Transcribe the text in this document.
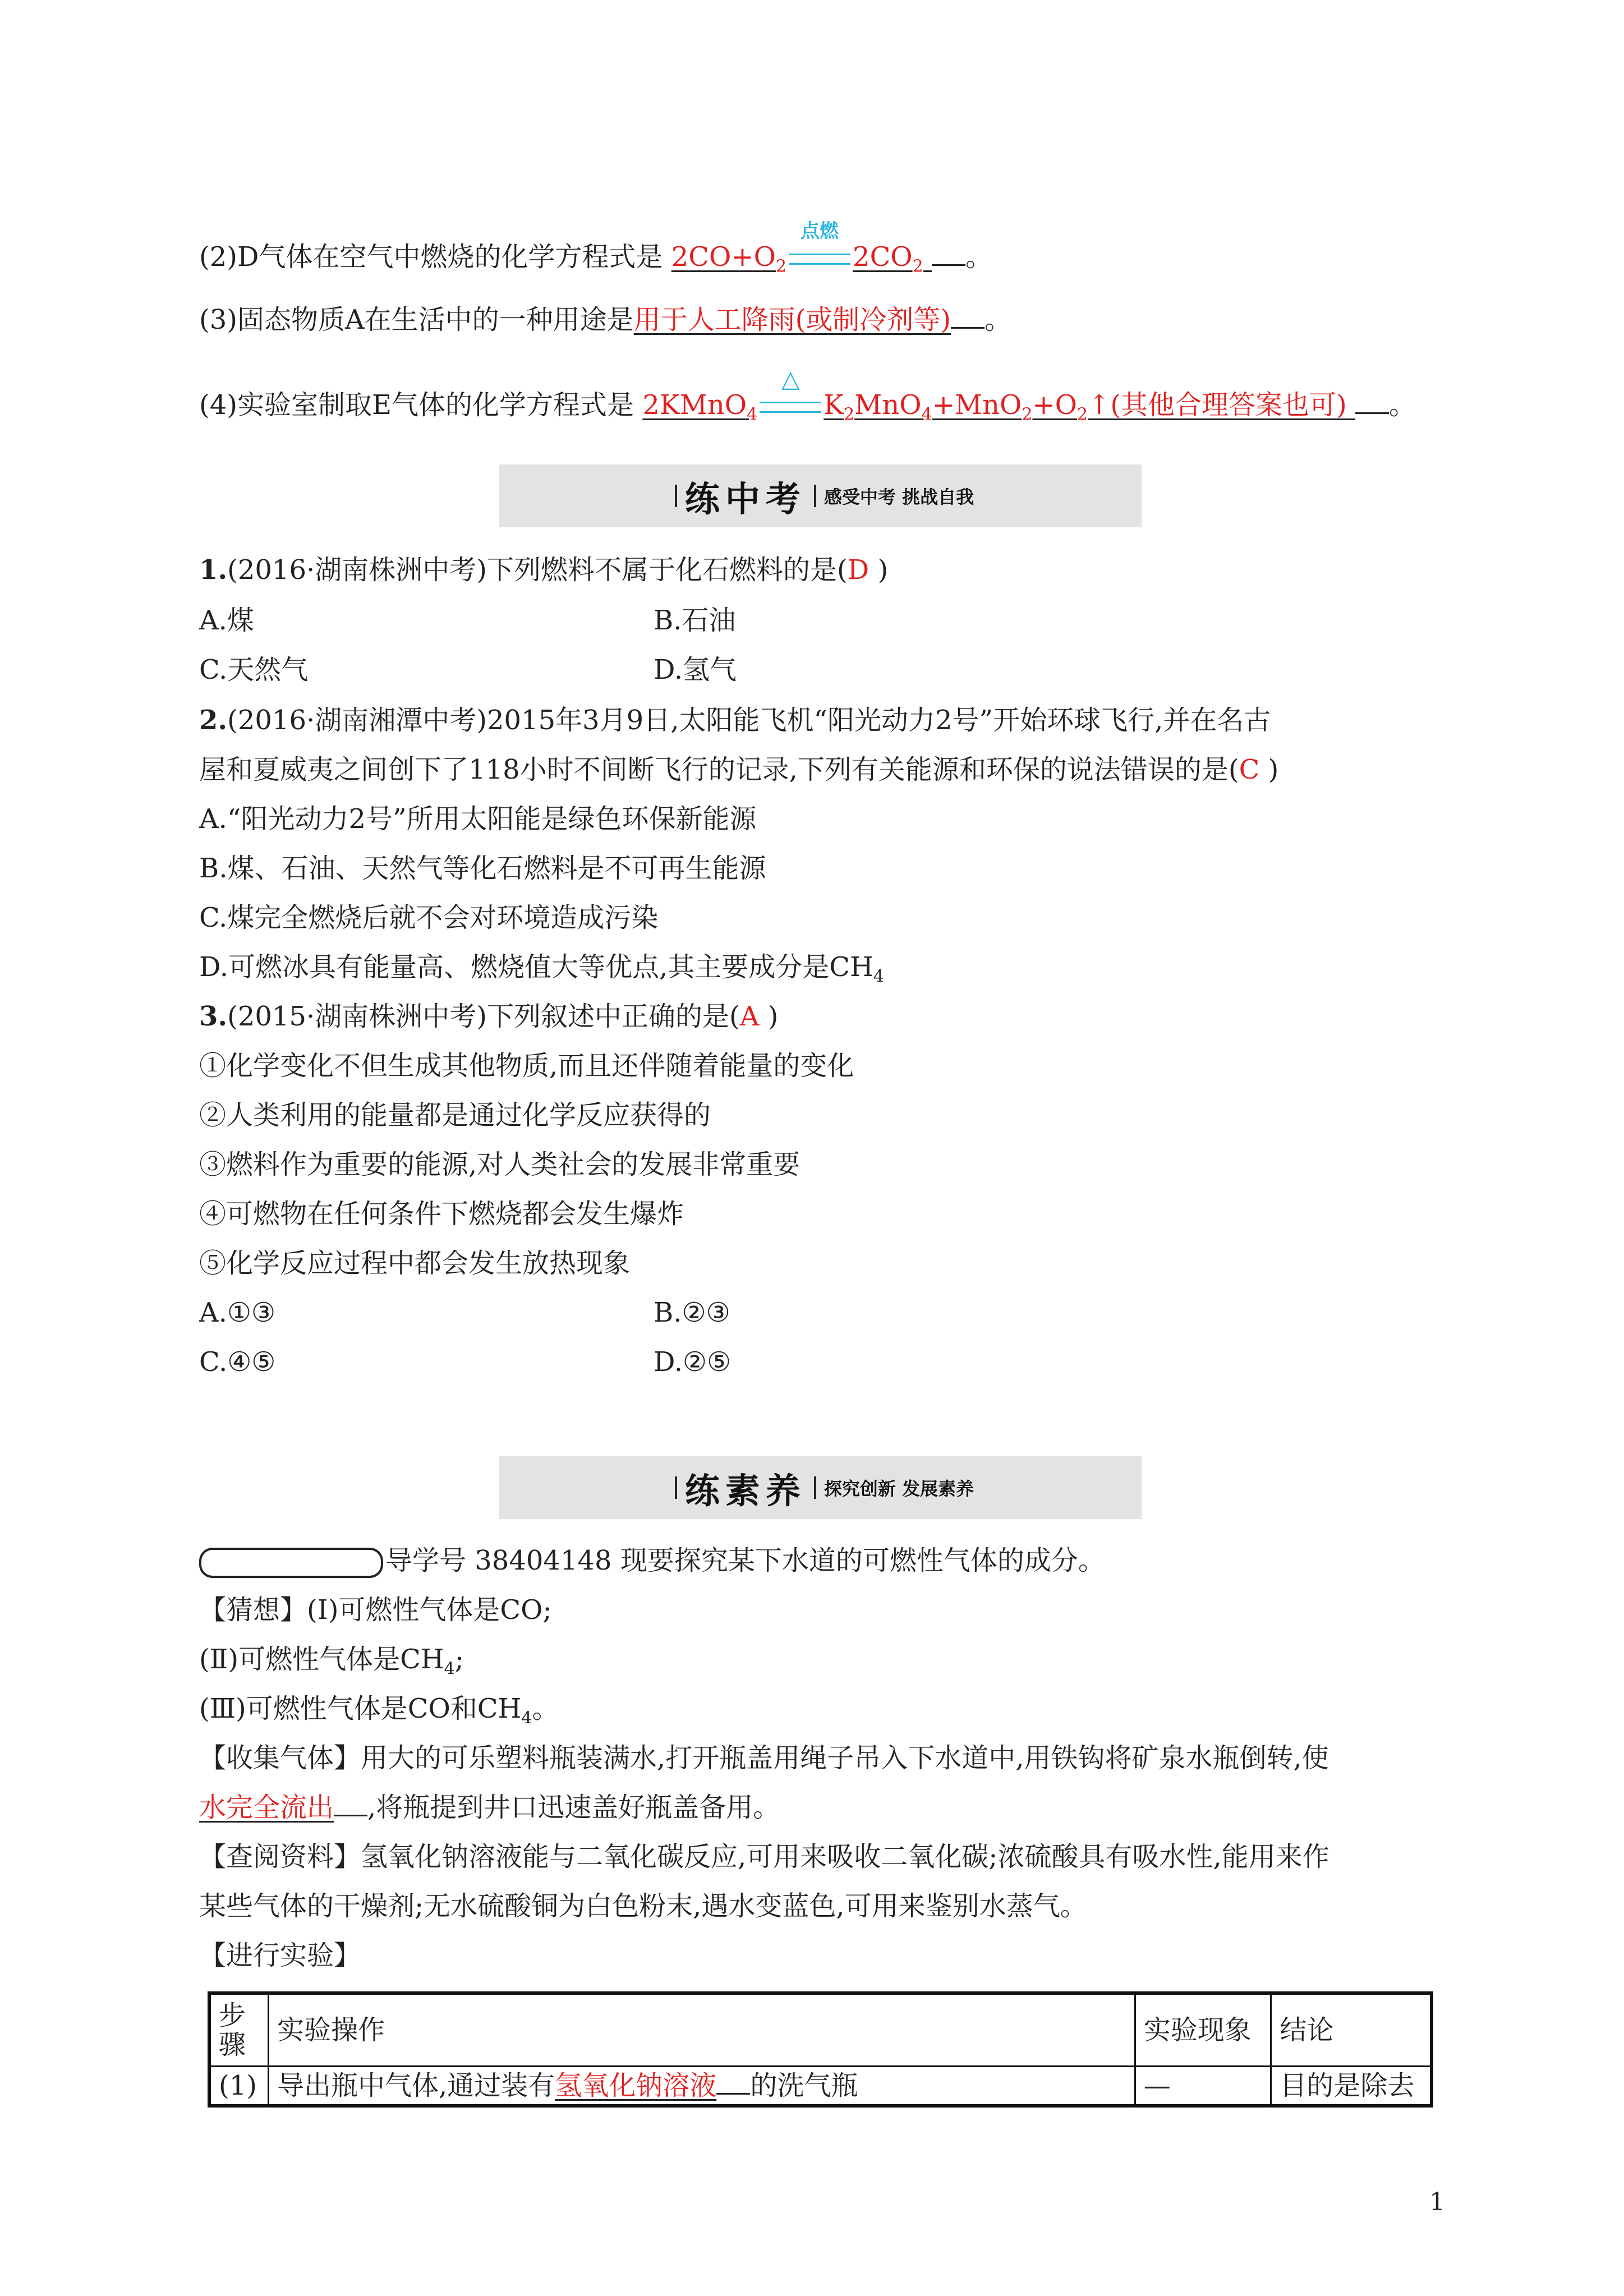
(2)D气体在空气中燃烧的化学方程式是 $2CO+O_2$
点燃
$2CO_2$ 。
(3)固态物质A在生活中的一种用途是用于人工降雨(或制冷剂等) 。
(4)实验室制取E气体的化学方程式是 2KMnO$_4$
△
$K_2MnO_4+MnO_2+O_2↑$(其他合理答案也可) 。
练中考 感受中考 挑战自我
1.(2016·湖南株洲中考)下列燃料不属于化石燃料的是(D )
A.煤	B.石油
C.天然气	D.氢气
2.(2016·湖南湘潭中考)2015年3月9日,太阳能飞机“阳光动力2号”开始环球飞行,并在名古
屋和夏威夷之间创下了118小时不间断飞行的记录,下列有关能源和环保的说法错误的是(C )
A.“阳光动力2号”所用太阳能是绿色环保新能源
B.煤、石油、天然气等化石燃料是不可再生能源
C.煤完全燃烧后就不会对环境造成污染
D.可燃冰具有能量高、燃烧值大等优点,其主要成分是$CH_4$
3.(2015·湖南株洲中考)下列叙述中正确的是(A )
①化学变化不但生成其他物质,而且还伴随着能量的变化
②人类利用的能量都是通过化学反应获得的
③燃料作为重要的能源,对人类社会的发展非常重要
④可燃物在任何条件下燃烧都会发生爆炸
⑤化学反应过程中都会发生放热现象
A.①③	B.②③
C.④⑤	D.②⑤
练素养 探究创新 发展素养
导学号 38404148 现要探究某下水道的可燃性气体的成分。
【猜想】(Ⅰ)可燃性气体是CO;
(Ⅱ)可燃性气体是$CH_4$;
(Ⅲ)可燃性气体是CO和$CH_4$。
【收集气体】用大的可乐塑料瓶装满水,打开瓶盖用绳子吊入下水道中,用铁钩将矿泉水瓶倒转,使
水完全流出 ,将瓶提到井口迅速盖好瓶盖备用。
【查阅资料】氢氧化钠溶液能与二氧化碳反应,可用来吸收二氧化碳;浓硫酸具有吸水性,能用来作
某些气体的干燥剂;无水硫酸铜为白色粉末,遇水变蓝色,可用来鉴别水蒸气。
【进行实验】
步骤	实验操作	实验现象	结论
(1)	导出瓶中气体,通过装有氢氧化钠溶液 的洗气瓶	—	目的是除去
1
